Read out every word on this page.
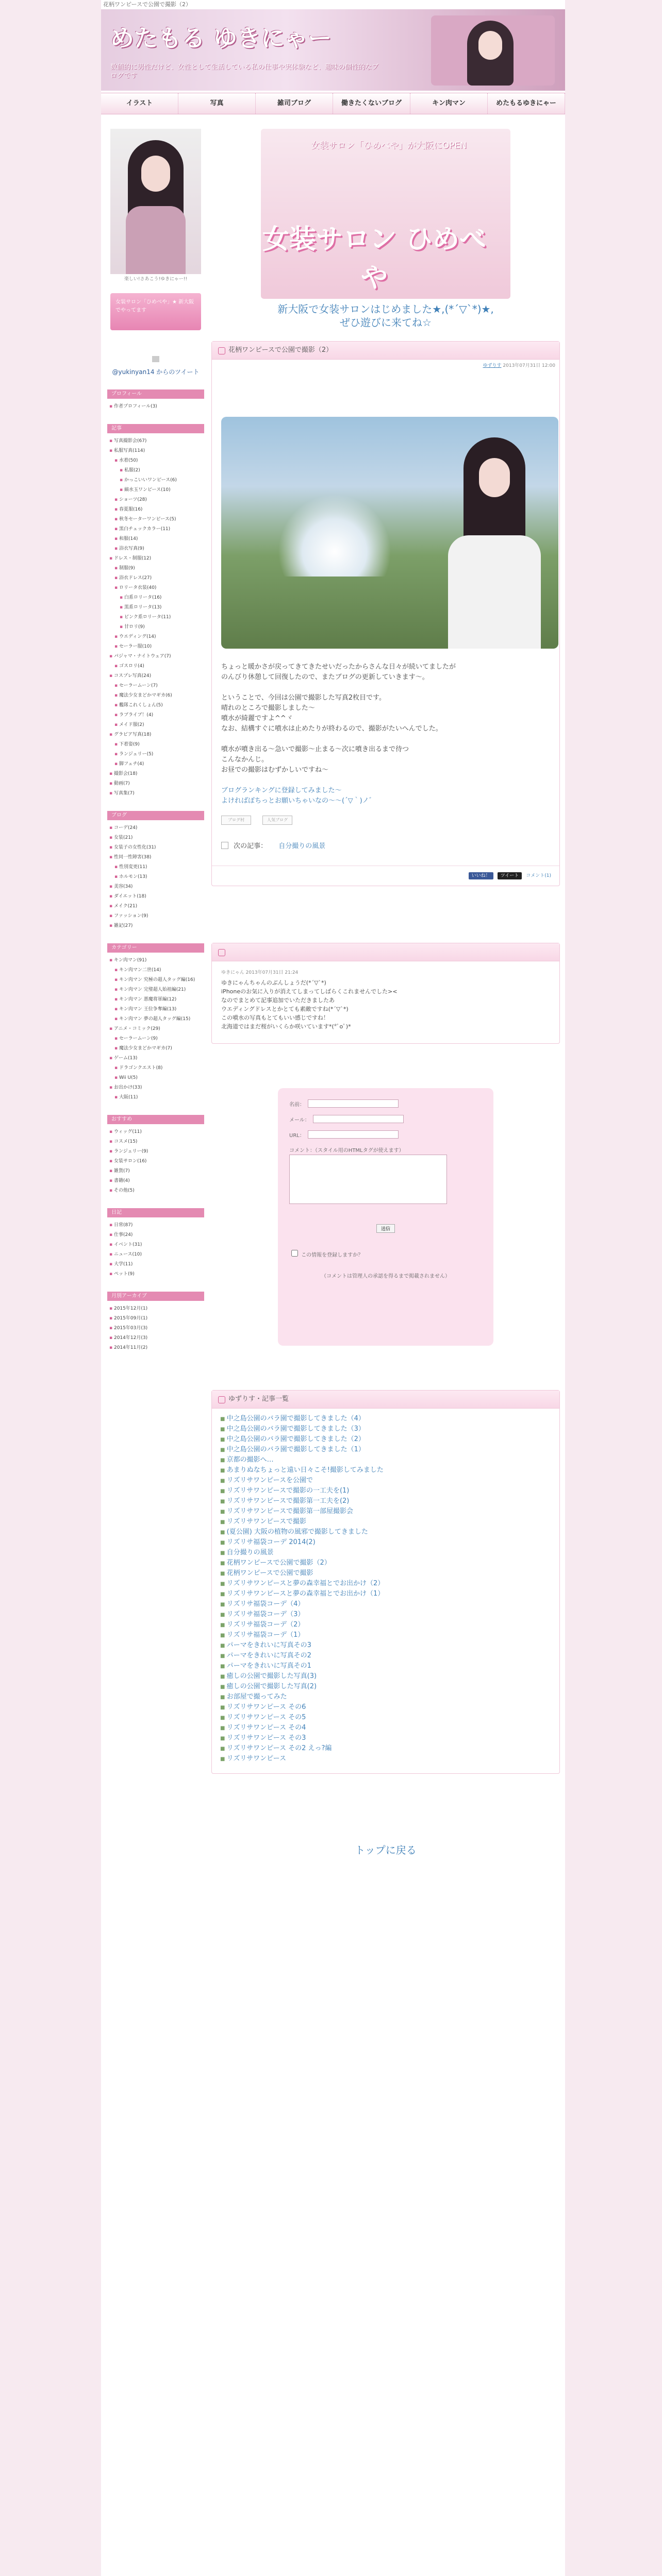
花柄ワンピースで公園で撮影（2）
めたもる ゆきにゃー
数値的に男性だけど、女性として生活している私の仕事や実体験など、趣味の個性的なブログです
イラスト	写真	雑司ブログ	働きたくないブログ	キン肉マン	めたもるゆきにゃー
楽しい!さあこう!ゆきにゃー!!
女装サロン「ひめべや」★ 新大阪でやってます
@yukinyan14 からのツイート
プロフィール
▪ 作者プロフィール(3)
記事
▪ 写真撮影会(67)
▪ 私服写真(114)
▪ 水着(50)
▪ 私服(2)
▪ かっこいいワンピース(6)
▪ 縞水玉ワンピース(10)
▪ ショーツ(28)
▪ 春夏服(16)
▪ 秋冬セーターワンピース(5)
▪ 黒白チェックカラー(11)
▪ 和服(14)
▪ 浴衣写真(9)
▪ ドレス・制服(12)
▪ 制服(9)
▪ 浴衣ドレス(27)
▪ ロリータ衣装(40)
▪ 白系ロリータ(16)
▪ 黒系ロリータ(13)
▪ ピンク系ロリータ(11)
▪ 甘ロリ(9)
▪ ウエディング(14)
▪ セーラー服(10)
▪ パジャマ・ナイトウェア(7)
▪ ゴスロリ(4)
▪ コスプレ写真(24)
▪ セーラームーン(7)
▪ 魔法少女まどかマギカ(6)
▪ 艦隊これくしょん(5)
▪ ラブライブ！(4)
▪ メイド服(2)
▪ グラビア写真(18)
▪ 下着姿(9)
▪ ランジェリー(5)
▪ 脚フェチ(4)
▪ 撮影会(18)
▪ 動画(7)
▪ 写真集(7)
ブログ
▪ コーデ(24)
▪ 女装(21)
▪ 女装子の女性化(31)
▪ 性同一性障害(38)
▪ 性別変更(11)
▪ ホルモン(13)
▪ 美容(34)
▪ ダイエット(18)
▪ メイク(21)
▪ ファッション(9)
▪ 雑記(27)
カテゴリー
▪ キン肉マン(91)
▪ キン肉マン二世(14)
▪ キン肉マン 究極の超人タッグ編(16)
▪ キン肉マン 完璧超人始祖編(21)
▪ キン肉マン 悪魔将軍編(12)
▪ キン肉マン 王位争奪編(13)
▪ キン肉マン 夢の超人タッグ編(15)
▪ アニメ・コミック(29)
▪ セーラームーン(9)
▪ 魔法少女まどかマギカ(7)
▪ ゲーム(13)
▪ ドラゴンクエスト(8)
▪ Wii U(5)
▪ お出かけ(33)
▪ 大阪(11)
おすすめ
▪ ウィッグ(11)
▪ コスメ(15)
▪ ランジェリー(9)
▪ 女装サロン(16)
▪ 雑貨(7)
▪ 書籍(4)
▪ その他(5)
日記
▪ 日常(87)
▪ 仕事(24)
▪ イベント(31)
▪ ニュース(10)
▪ 大学(11)
▪ ペット(9)
月別アーカイブ
▪ 2015年12月(1)
▪ 2015年09月(1)
▪ 2015年03月(3)
▪ 2014年12月(3)
▪ 2014年11月(2)
女装サロン「ひめべや」が大阪にOPEN
女装サロン ひめべや
新大阪で女装サロンはじめました★,(*´▽`*)★,
ぜひ遊びに来てね☆
花柄ワンピースで公園で撮影（2）
ゆずりす 2013年07月31日 12:00

ちょっと暖かさが戻ってきてきたせいだったからさんな日々が続いてましたが
のんびり休憩して回復したので、またブログの更新していきます～。

ということで、今回は公園で撮影した写真2枚目です。
晴れのところで撮影しました～
噴水が綺麗ですよ^^ヾ
なお、結構すぐに噴水は止めたりが終わるので、撮影がたいへんでした。

噴水が噴き出る～急いで撮影～止まる～次に噴き出るまで待つ
こんなかんじ。
お昼での撮影はむずかしいですね～

ブログランキングに登録してみました～
よければぽちっとお願いちゃいなの～～(´▽｀)ノ゛
ブログ村	人気ブログ
次の記事： 自分撮りの風景
いいね！	ツイート	コメント(1)
ゆきにゃん 2013年07月31日 21:24

ゆきにゃんちゃんのぶんしょうだ(*´▽`*)
iPhoneのお気に入りが消えてしまってしばらくこれませんでした><
なのでまとめて記事追加でいただきましたあ
ウエディングドレスとかとても素敵ですね(*´▽`*)
この噴水の写真もとてもいい感じですね！
北海道ではまだ桜がいくらか咲いています*(*ﾟoﾟ)*

名前：
メール：
URL：
コメント：（スタイル用のHTMLタグが使えます）
送信
この情報を登録しますか？
（コメントは管理人の承認を得るまで掲載されません）
ゆずりす・記事一覧
■ 中之島公園のバラ園で撮影してきました（4）
■ 中之島公園のバラ園で撮影してきました（3）
■ 中之島公園のバラ園で撮影してきました（2）
■ 中之島公園のバラ園で撮影してきました（1）
■ 京都の撮影へ…
■ あまりぬなちょっと遠い日々こそ!撮影してみました
■ リズリサワンピースを公園で
■ リズリサワンピースで撮影の一工夫を(1)
■ リズリサワンピースで撮影第一工夫を(2)
■ リズリサワンピースで撮影第一部屋撮影会
■ リズリサワンピースで撮影
■ (夏公園) 大阪の植物の風邪で撮影してきました
■ リズリサ福袋コーデ 2014(2)
■ 自分撮りの風景
■ 花柄ワンピースで公園で撮影（2）
■ 花柄ワンピースで公園で撮影
■ リズリサワンピースと夢の森幸福とでお出かけ（2）
■ リズリサワンピースと夢の森幸福とでお出かけ（1）
■ リズリサ福袋コーデ（4）
■ リズリサ福袋コーデ（3）
■ リズリサ福袋コーデ（2）
■ リズリサ福袋コーデ（1）
■ パーマをきれいに写真その3
■ パーマをきれいに写真その2
■ パーマをきれいに写真その1
■ 癒しの公園で撮影した写真(3)
■ 癒しの公園で撮影した写真(2)
■ お部屋で撮ってみた
■ リズリサワンピース その6
■ リズリサワンピース その5
■ リズリサワンピース その4
■ リズリサワンピース その3
■ リズリサワンピース その2 えっ?編
■ リズリサワンピース
トップに戻る
